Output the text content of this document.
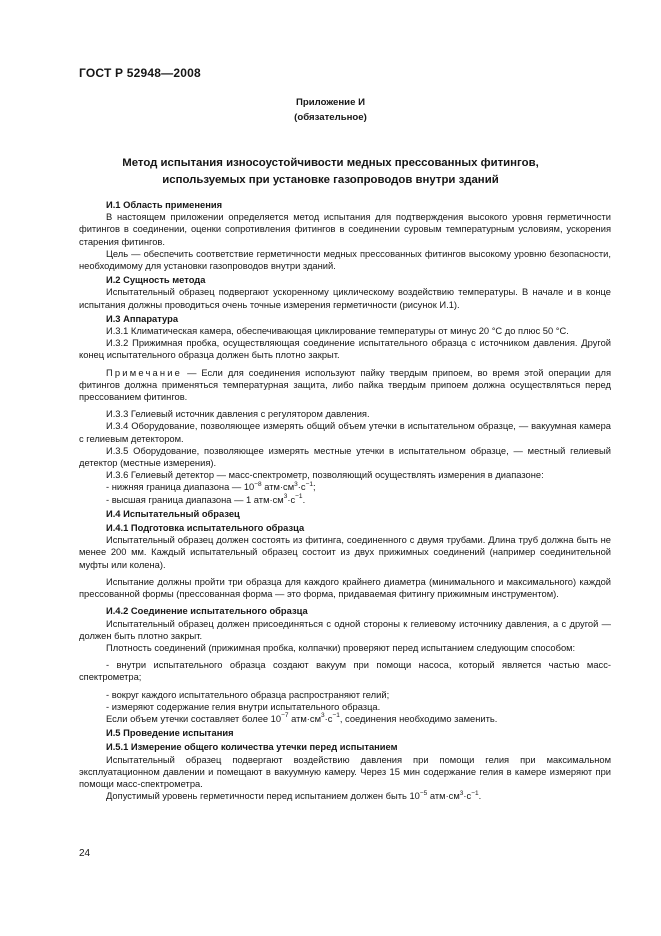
ГОСТ Р 52948—2008
Приложение И
(обязательное)
Метод испытания износоустойчивости медных прессованных фитингов,
используемых при установке газопроводов внутри зданий

И.1 Область применения

В настоящем приложении определяется метод испытания для подтверждения высокого уровня герметичности фитингов в соединении, оценки сопротивления фитингов в соединении суровым температурным условиям, ускорения старения фитингов.

Цель — обеспечить соответствие герметичности медных прессованных фитингов высокому уровню безопасности, необходимому для установки газопроводов внутри зданий.

И.2 Сущность метода

Испытательный образец подвергают ускоренному циклическому воздействию температуры. В начале и в конце испытания должны проводиться очень точные измерения герметичности (рисунок И.1).

И.3 Аппаратура

И.3.1 Климатическая камера, обеспечивающая циклирование температуры от минус 20 °С до плюс 50 °С.

И.3.2 Прижимная пробка, осуществляющая соединение испытательного образца с источником давления. Другой конец испытательного образца должен быть плотно закрыт.

Примечание — Если для соединения используют пайку твердым припоем, во время этой операции для фитингов должна применяться температурная защита, либо пайка твердым припоем должна осуществляться перед прессованием фитингов.

И.3.3 Гелиевый источник давления с регулятором давления.

И.3.4 Оборудование, позволяющее измерять общий объем утечки в испытательном образце, — вакуумная камера с гелиевым детектором.

И.3.5 Оборудование, позволяющее измерять местные утечки в испытательном образце, — местный гелиевый детектор (местные измерения).

И.3.6 Гелиевый детектор — масс-спектрометр, позволяющий осуществлять измерения в диапазоне:

- нижняя граница диапазона — $10^{-8}$ $атм\cdot см^3\cdot с^{-1}$;

- высшая граница диапазона — 1 $атм\cdot см^3\cdot с^{-1}$.

И.4 Испытательный образец

И.4.1 Подготовка испытательного образца

Испытательный образец должен состоять из фитинга, соединенного с двумя трубами. Длина труб должна быть не менее 200 мм. Каждый испытательный образец состоит из двух прижимных соединений (например соединительной муфты или колена).

Испытание должны пройти три образца для каждого крайнего диаметра (минимального и максимального) каждой прессованной формы (прессованная форма — это форма, придаваемая фитингу прижимным инструментом).

И.4.2 Соединение испытательного образца

Испытательный образец должен присоединяться с одной стороны к гелиевому источнику давления, а с другой — должен быть плотно закрыт.

Плотность соединений (прижимная пробка, колпачки) проверяют перед испытанием следующим способом:

- внутри испытательного образца создают вакуум при помощи насоса, который является частью масс-спектрометра;

- вокруг каждого испытательного образца распространяют гелий;

- измеряют содержание гелия внутри испытательного образца.

Если объем утечки составляет более $10^{-7}$ $атм\cdot см^3\cdot с^{-1}$, соединения необходимо заменить.

И.5 Проведение испытания

И.5.1 Измерение общего количества утечки перед испытанием

Испытательный образец подвергают воздействию давления при помощи гелия при максимальном эксплуатационном давлении и помещают в вакуумную камеру. Через 15 мин содержание гелия в камере измеряют при помощи масс-спектрометра.

Допустимый уровень герметичности перед испытанием должен быть $10^{-5}$ $атм\cdot см^3\cdot с^{-1}$.

24
